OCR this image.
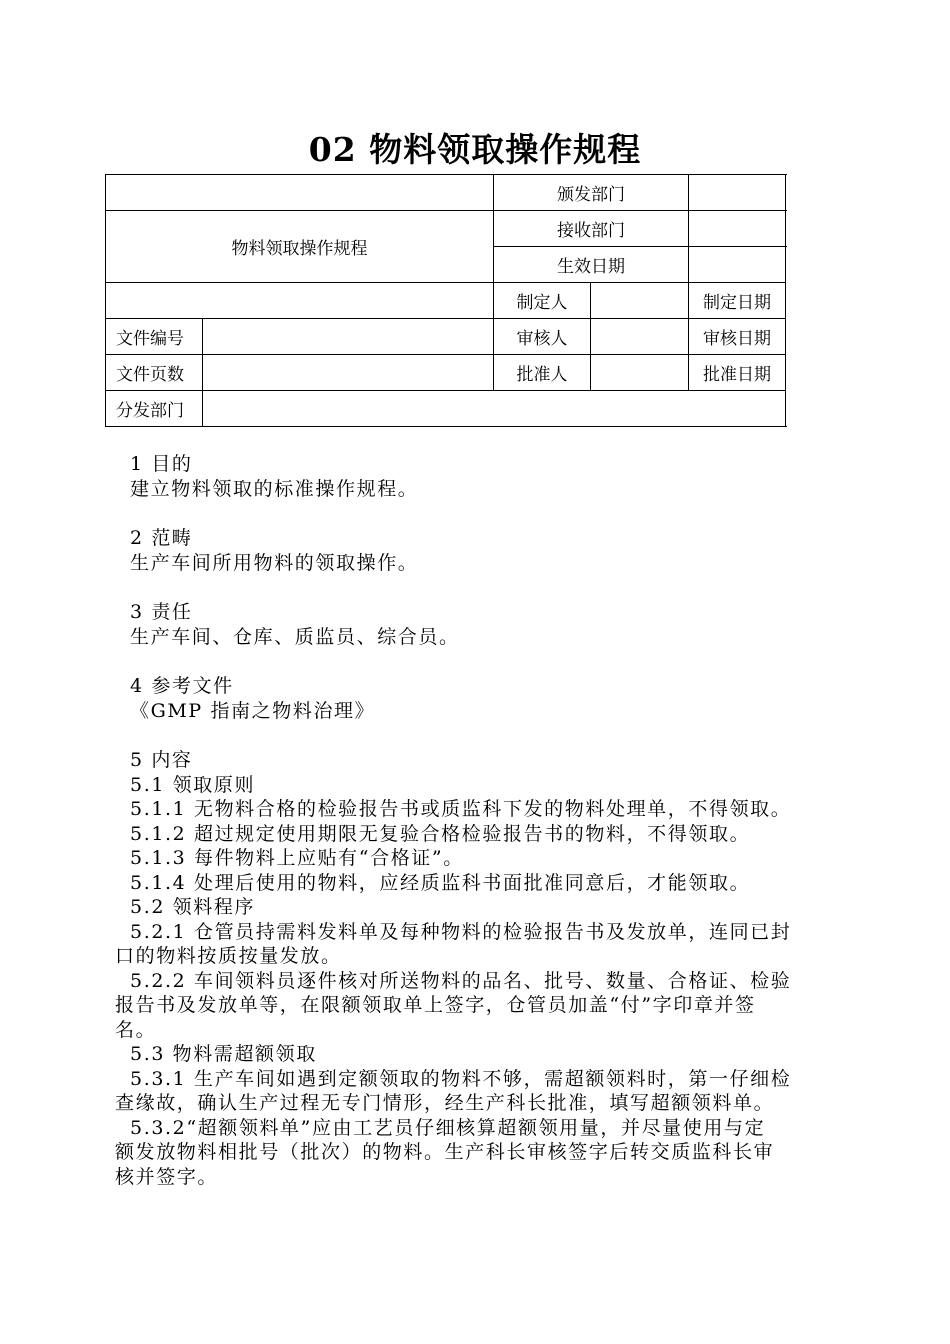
02 物料领取操作规程
		颁发部门			
物料领取操作规程		接收部门			
		生效日期			
		制定人		制定日期	
文件编号		审核人		审核日期	
文件页数		批准人		批准日期	
分发部门					

1 目的

建立物料领取的标准操作规程。

2 范畴

生产车间所用物料的领取操作。

3 责任

生产车间、仓库、质监员、综合员。

4 参考文件

《GMP 指南之物料治理》

5 内容

5.1 领取原则

5.1.1 无物料合格的检验报告书或质监科下发的物料处理单，不得领取。

5.1.2 超过规定使用期限无复验合格检验报告书的物料，不得领取。

5.1.3 每件物料上应贴有“合格证”。

5.1.4 处理后使用的物料，应经质监科书面批准同意后，才能领取。

5.2 领料程序

5.2.1 仓管员持需料发料单及每种物料的检验报告书及发放单，连同已封

口的物料按质按量发放。

5.2.2 车间领料员逐件核对所送物料的品名、批号、数量、合格证、检验

报告书及发放单等，在限额领取单上签字，仓管员加盖“付”字印章并签

名。

5.3 物料需超额领取

5.3.1 生产车间如遇到定额领取的物料不够，需超额领料时，第一仔细检

查缘故，确认生产过程无专门情形，经生产科长批准，填写超额领料单。

5.3.2“超额领料单”应由工艺员仔细核算超额领用量，并尽量使用与定

额发放物料相批号（批次）的物料。生产科长审核签字后转交质监科长审

核并签字。
